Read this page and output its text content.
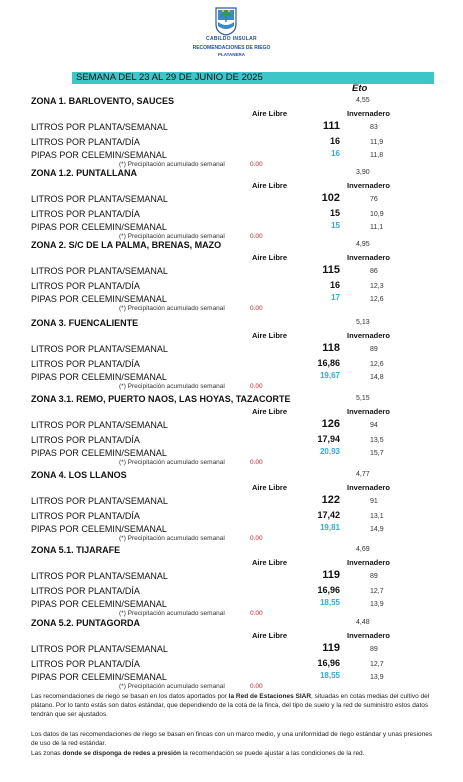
CABILDO INSULAR
RECOMENDACIONES DE RIEGO
PLATANERA
SEMANA DEL 23 AL 29 DE JUNIO DE 2025
Eto
ZONA 1. BARLOVENTO, SAUCES	4,55
Aire Libre	Invernadero
LITROS POR PLANTA/SEMANAL	111	83
LITROS POR PLANTA/DÍA	16	11,9
PIPAS POR CELEMIN/SEMANAL	16	11,8
(*) Precipitación acumulado semanal	0.00
ZONA 1.2. PUNTALLANA	3,90
Aire Libre	Invernadero
LITROS POR PLANTA/SEMANAL	102	76
LITROS POR PLANTA/DÍA	15	10,9
PIPAS POR CELEMIN/SEMANAL	15	11,1
(*) Precipitación acumulado semanal	0.00
ZONA 2. S/C DE LA PALMA, BRENAS, MAZO	4,95
Aire Libre	Invernadero
LITROS POR PLANTA/SEMANAL	115	86
LITROS POR PLANTA/DÍA	16	12,3
PIPAS POR CELEMIN/SEMANAL	17	12,6
(*) Precipitación acumulado semanal	0.00
ZONA 3. FUENCALIENTE	5,13
Aire Libre	Invernadero
LITROS POR PLANTA/SEMANAL	118	89
LITROS POR PLANTA/DÍA	16,86	12,6
PIPAS POR CELEMIN/SEMANAL	19,67	14,8
(*) Precipitación acumulado semanal	0.00
ZONA 3.1. REMO, PUERTO NAOS, LAS HOYAS, TAZACORTE	5,15
Aire Libre	Invernadero
LITROS POR PLANTA/SEMANAL	126	94
LITROS POR PLANTA/DÍA	17,94	13,5
PIPAS POR CELEMIN/SEMANAL	20,93	15,7
(*) Precipitación acumulado semanal	0.00
ZONA 4. LOS LLANOS	4,77
Aire Libre	Invernadero
LITROS POR PLANTA/SEMANAL	122	91
LITROS POR PLANTA/DÍA	17,42	13,1
PIPAS POR CELEMIN/SEMANAL	19,81	14,9
(*) Precipitación acumulado semanal	0.00
ZONA 5.1. TIJARAFE	4,69
Aire Libre	Invernadero
LITROS POR PLANTA/SEMANAL	119	89
LITROS POR PLANTA/DÍA	16,96	12,7
PIPAS POR CELEMIN/SEMANAL	18,55	13,9
(*) Precipitación acumulado semanal	0.00
ZONA 5.2. PUNTAGORDA	4,48
Aire Libre	Invernadero
LITROS POR PLANTA/SEMANAL	119	89
LITROS POR PLANTA/DÍA	16,96	12,7
PIPAS POR CELEMIN/SEMANAL	18,55	13,9
(*) Precipitación acumulado semanal	0.00
Las recomendaciones de riego se basan en los datos aportados por la Red de Estaciones SIAR, situadas en cotas medias del cultivo del plátano. Por lo tanto estás son datos estándar, que dependiendo de la cota de la finca, del tipo de suelo y la red de suministro estos datos tendrán que ser ajustados.
Los datos de las recomendaciones de riego se basan en fincas con un marco medio, y una uniformidad de riego estándar y unas presiones de uso de la red estándar.
Las zonas donde se disponga de redes a presión la recomendación se puede ajustar a las condiciones de la red.
